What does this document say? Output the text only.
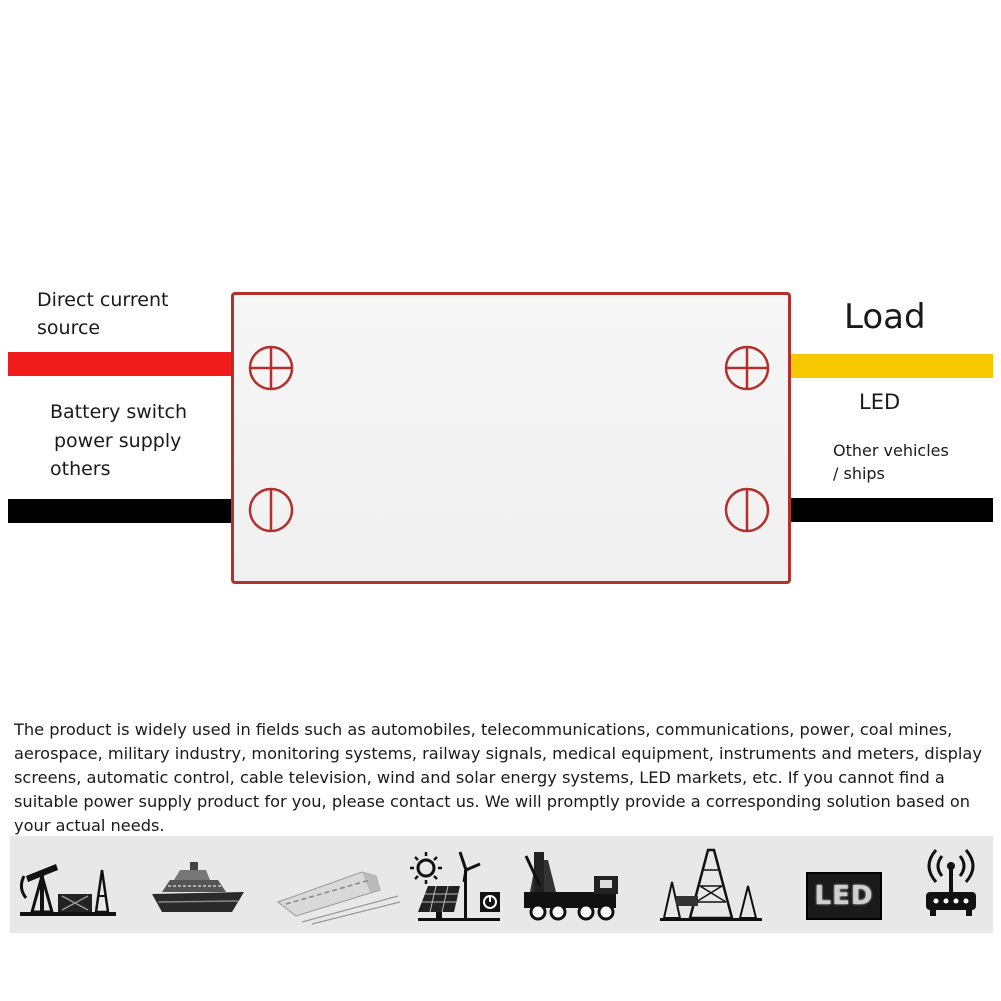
Direct current
source
Battery switch
power supply
others
Load
LED
Other vehicles
/ ships
The product is widely used in fields such as automobiles, telecommunications, communications, power, coal mines, aerospace, military industry, monitoring systems, railway signals, medical equipment, instruments and meters, display screens, automatic control, cable television, wind and solar energy systems, LED markets, etc. If you cannot find a suitable power supply product for you, please contact us. We will promptly provide a corresponding solution based on your actual needs.
LED
